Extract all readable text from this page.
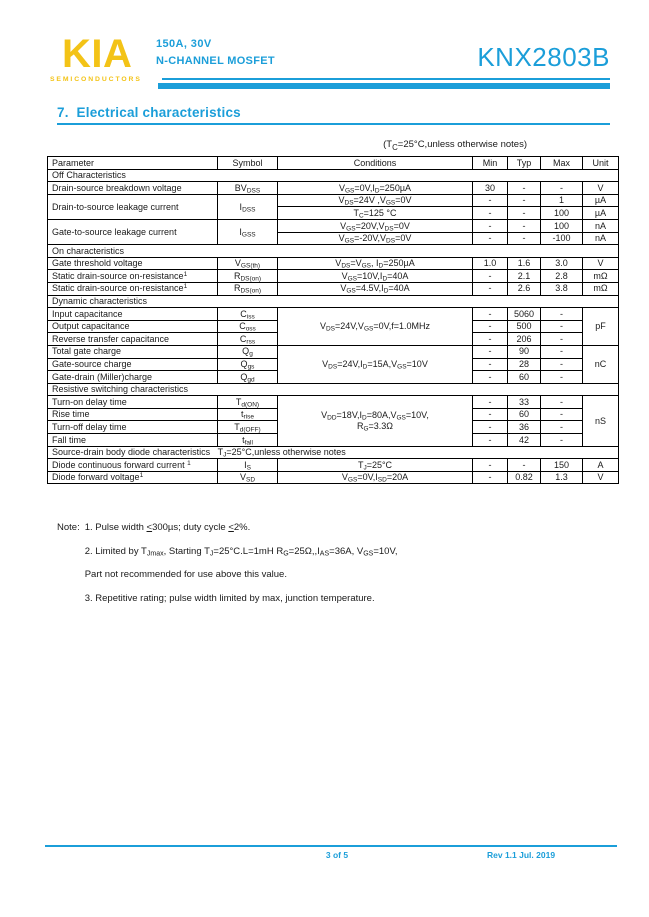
KIA
SEMICONDUCTORS
150A, 30V
N-CHANNEL MOSFET	KNX2803B
7.  Electrical characteristics
($T_C=25^\circ C,unless$ otherwise notes)
Parameter	Symbol	Conditions	Min	Typ	Max	Unit
Off Characteristics						
Drain-source breakdown voltage	$BV_{DSS}$	$V_{GS}=0V,I_D=250\mu A$	30	-	-	V
Drain-to-source leakage current	$I_{DSS}$	$V_{DS}=24V$ $,V_{GS}=0V$	-	-	1	µA
		$T_C=125$ °C	-	-	100	µA
Gate-to-source leakage current	$I_{GSS}$	$V_{GS}=20V,V_{DS}=0V$	-	-	100	nA
		$V_{GS}=-20V,V_{DS}=0V$	-	-	-100	nA
On characteristics						
Gate threshold voltage	$V_{GS(th)}$	$V_{DS}=V_{GS}$, $I_D=250\mu A$	1.0	1.6	3.0	V
Static drain-source on-resistance$^1$	$R_{DS(on)}$	$V_{GS}=10V,I_D=40A$	-	2.1	2.8	mΩ
Static drain-source on-resistance$^1$	$R_{DS(on)}$	$V_{GS}=4.5V,I_D=40A$	-	2.6	3.8	mΩ
Dynamic characteristics						
Input capacitance	$C_{iss}$	$V_{DS}=24V,V_{GS}=0V,f=1.0MHz$	-	5060	-	pF
Output capacitance	$C_{oss}$		-	500	-	
Reverse transfer capacitance	$C_{rss}$		-	206	-	
Total gate charge	$Q_g$	$V_{DS}=24V,I_D=15A,V_{GS}=10V$	-	90	-	nC
Gate-source charge	$Q_{gs}$		-	28	-	
Gate-drain (Miller)charge	$Q_{gd}$		-	60	-	
Resistive switching characteristics						
Turn-on delay time	$T_{d(ON)}$	$V_{DD}=18V,I_D=80A,V_{GS}=10V$,
$R_G=3.3\Omega$	-	33	-	nS
Rise time	$t_{rise}$		-	60	-	
Turn-off delay time	$T_{d(OFF)}$		-	36	-	
Fall time	$t_{fall}$		-	42	-	
Source-drain body diode characteristics   $T_J=25^\circ C,unless$ otherwise notes						
Diode continuous forward current $^1$	$I_S$	$T_J=25^\circ C$	-	-	150	A
Diode forward voltage$^1$	$V_{SD}$	$V_{GS}=0V,I_{SD}=20A$	-	0.82	1.3	V
Note: 1. Pulse width <300µs; duty cycle <2%.
2. Limited by $T_{Jmax}$, Starting $T_J=25^\circ C.L=1mH$ $R_G=25\Omega,,I_{AS}=36A$, $V_{GS}=10V$,
Part not recommended for use above this value.
3. Repetitive rating; pulse width limited by max, junction temperature.
3 of 5	Rev 1.1 Jul. 2019
